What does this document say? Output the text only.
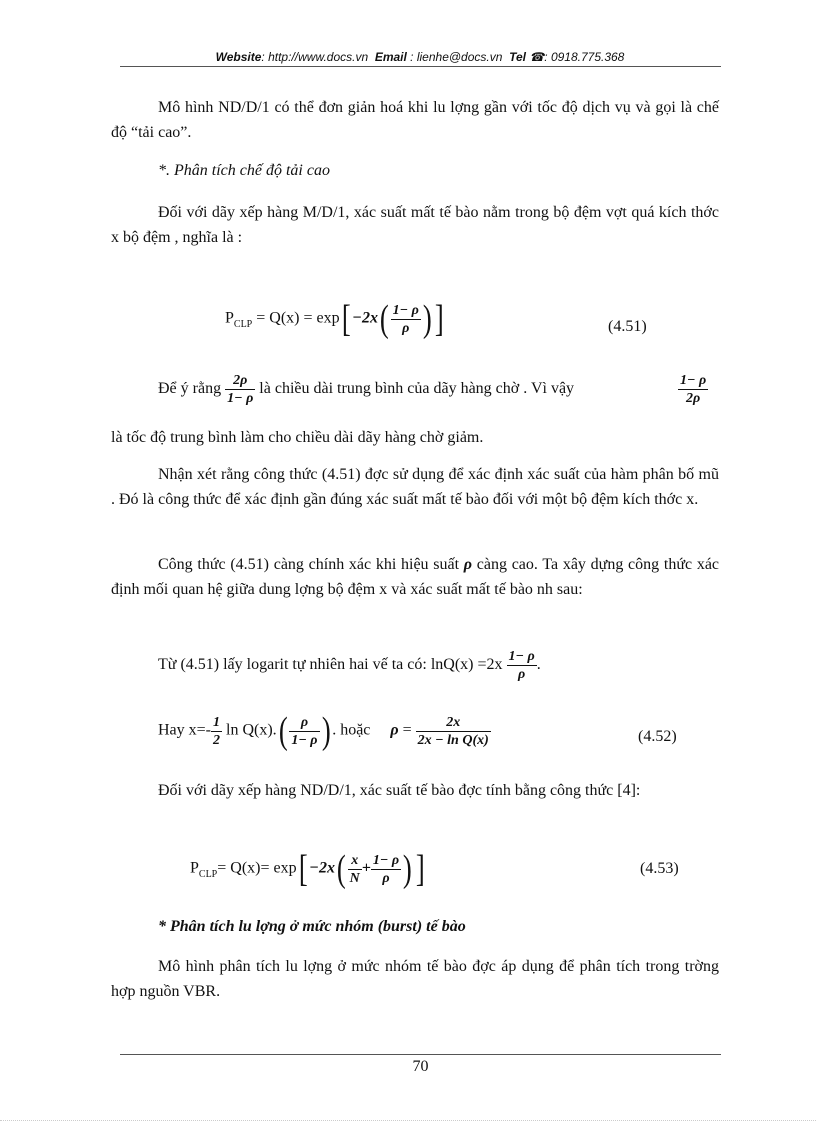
Website: http://www.docs.vn Email : lienhe@docs.vn Tel ☎: 0918.775.368
Mô hình ND/D/1 có thể đơn giản hoá khi lu lợng gần với tốc độ dịch vụ và gọi là chế độ “tải cao”.
*. Phân tích chế độ tải cao
Đối với dãy xếp hàng M/D/1, xác suất mất tế bào nằm trong bộ đệm vợt quá kích thớc x bộ đệm , nghĩa là :
$P_{CLP} = Q(x) = \exp[ -2x( \frac{1- \rho}{\rho}$ )]	(4.51)
Để ý rằng $\frac{2\rho}{1- \rho}$ là chiều dài trung bình của dãy hàng chờ . Vì vậy	$\frac{1- \rho}{2\rho}$
là tốc độ trung bình làm cho chiều dài dãy hàng chờ giảm.
Nhận xét rằng công thức (4.51) đợc sử dụng để xác định xác suất của hàm phân bố mũ . Đó là công thức để xác định gần đúng xác suất mất tế bào đối với một bộ đệm kích thớc x.
Công thức (4.51) càng chính xác khi hiệu suất ρ càng cao. Ta xây dựng công thức xác định mối quan hệ giữa dung lợng bộ đệm x và xác suất mất tế bào nh sau:
Từ (4.51) lấy logarit tự nhiên hai vế ta có: $\ln Q(x) =2x \frac{1- \rho}{\rho}$ .
Hay $x=- \frac{1}{2}$ $\ln Q(x).( \frac{\rho}{1- \rho}$ ) . hoặc $\rho = \frac{2x}{\text{2x − ln Q(x)}}$	(4.52)
Đối với dãy xếp hàng ND/D/1, xác suất tế bào đợc tính bằng công thức [4]:
$P_{CLP}= Q(x)= \exp[ -2x( \frac{x}{N} + \frac{1- \rho}{\rho}$ )]	(4.53)
* Phân tích lu lợng ở mức nhóm (burst) tế bào
Mô hình phân tích lu lợng ở mức nhóm tế bào đợc áp dụng để phân tích trong trờng hợp nguồn VBR.
70
